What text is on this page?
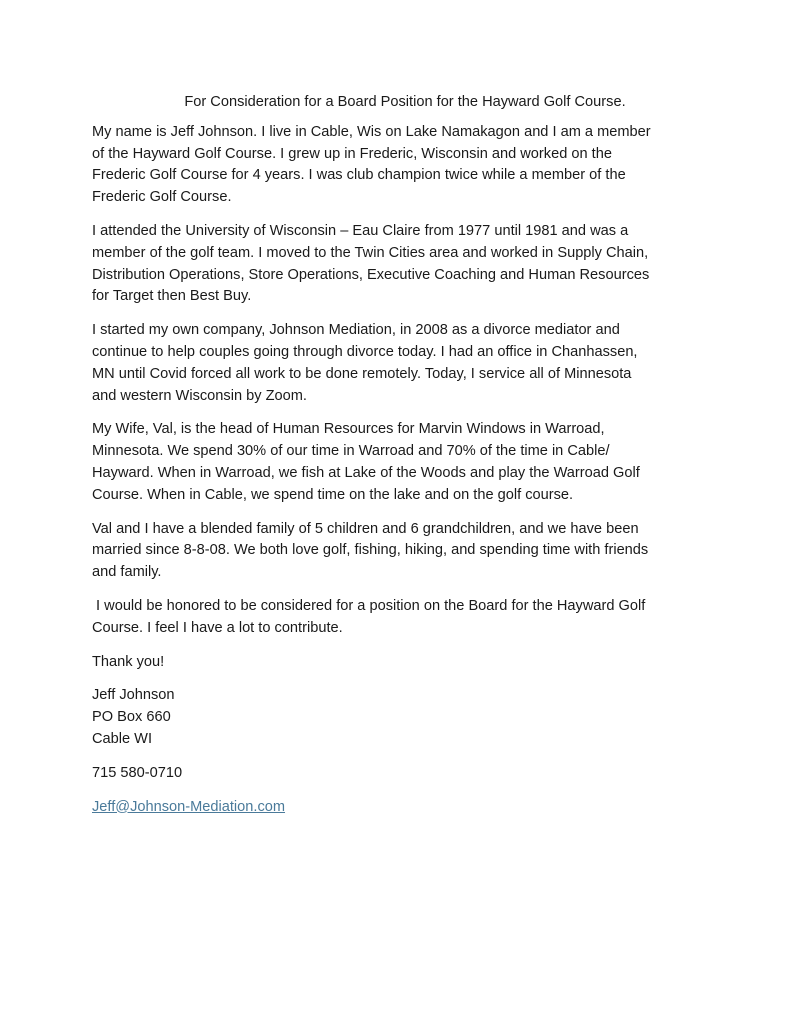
For Consideration for a Board Position for the Hayward Golf Course.
My name is Jeff Johnson. I live in Cable, Wis on Lake Namakagon and I am a member
of the Hayward Golf Course. I grew up in Frederic, Wisconsin and worked on the
Frederic Golf Course for 4 years. I was club champion twice while a member of the
Frederic Golf Course.
I attended the University of Wisconsin – Eau Claire from 1977 until 1981 and was a
member of the golf team. I moved to the Twin Cities area and worked in Supply Chain,
Distribution Operations, Store Operations, Executive Coaching and Human Resources
for Target then Best Buy.
I started my own company, Johnson Mediation, in 2008 as a divorce mediator and
continue to help couples going through divorce today. I had an office in Chanhassen,
MN until Covid forced all work to be done remotely. Today, I service all of Minnesota
and western Wisconsin by Zoom.
My Wife, Val, is the head of Human Resources for Marvin Windows in Warroad,
Minnesota. We spend 30% of our time in Warroad and 70% of the time in Cable/
Hayward. When in Warroad, we fish at Lake of the Woods and play the Warroad Golf
Course. When in Cable, we spend time on the lake and on the golf course.
Val and I have a blended family of 5 children and 6 grandchildren, and we have been
married since 8-8-08. We both love golf, fishing, hiking, and spending time with friends
and family.
I would be honored to be considered for a position on the Board for the Hayward Golf
Course. I feel I have a lot to contribute.
Thank you!
Jeff Johnson
PO Box 660
Cable WI
715 580-0710
Jeff@Johnson-Mediation.com
